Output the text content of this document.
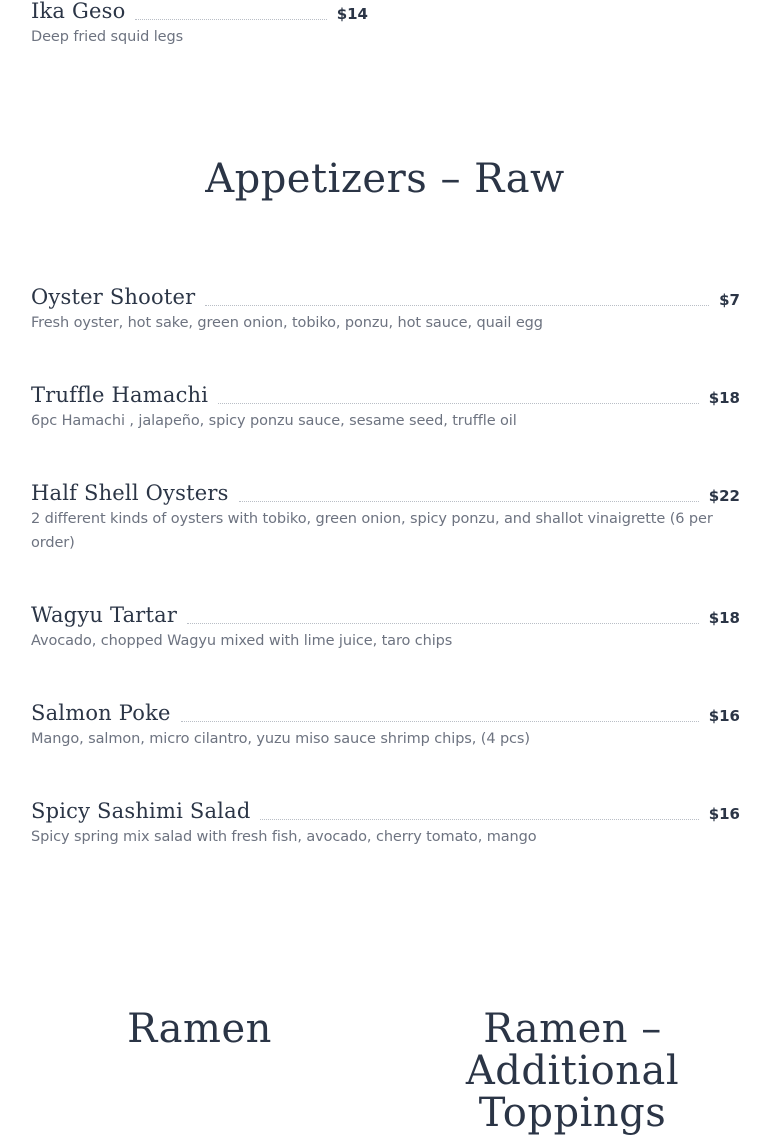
Ika Geso	$14
Deep fried squid legs
Appetizers – Raw
Oyster Shooter	$7
Fresh oyster, hot sake, green onion, tobiko, ponzu, hot sauce, quail egg
Truffle Hamachi	$18
6pc Hamachi , jalapeño, spicy ponzu sauce, sesame seed, truffle oil
Half Shell Oysters	$22
2 different kinds of oysters with tobiko, green onion, spicy ponzu, and shallot vinaigrette (6 per order)
Wagyu Tartar	$18
Avocado, chopped Wagyu mixed with lime juice, taro chips
Salmon Poke	$16
Mango, salmon, micro cilantro, yuzu miso sauce shrimp chips, (4 pcs)
Spicy Sashimi Salad	$16
Spicy spring mix salad with fresh fish, avocado, cherry tomato, mango
Ramen	Ramen – Additional Toppings
